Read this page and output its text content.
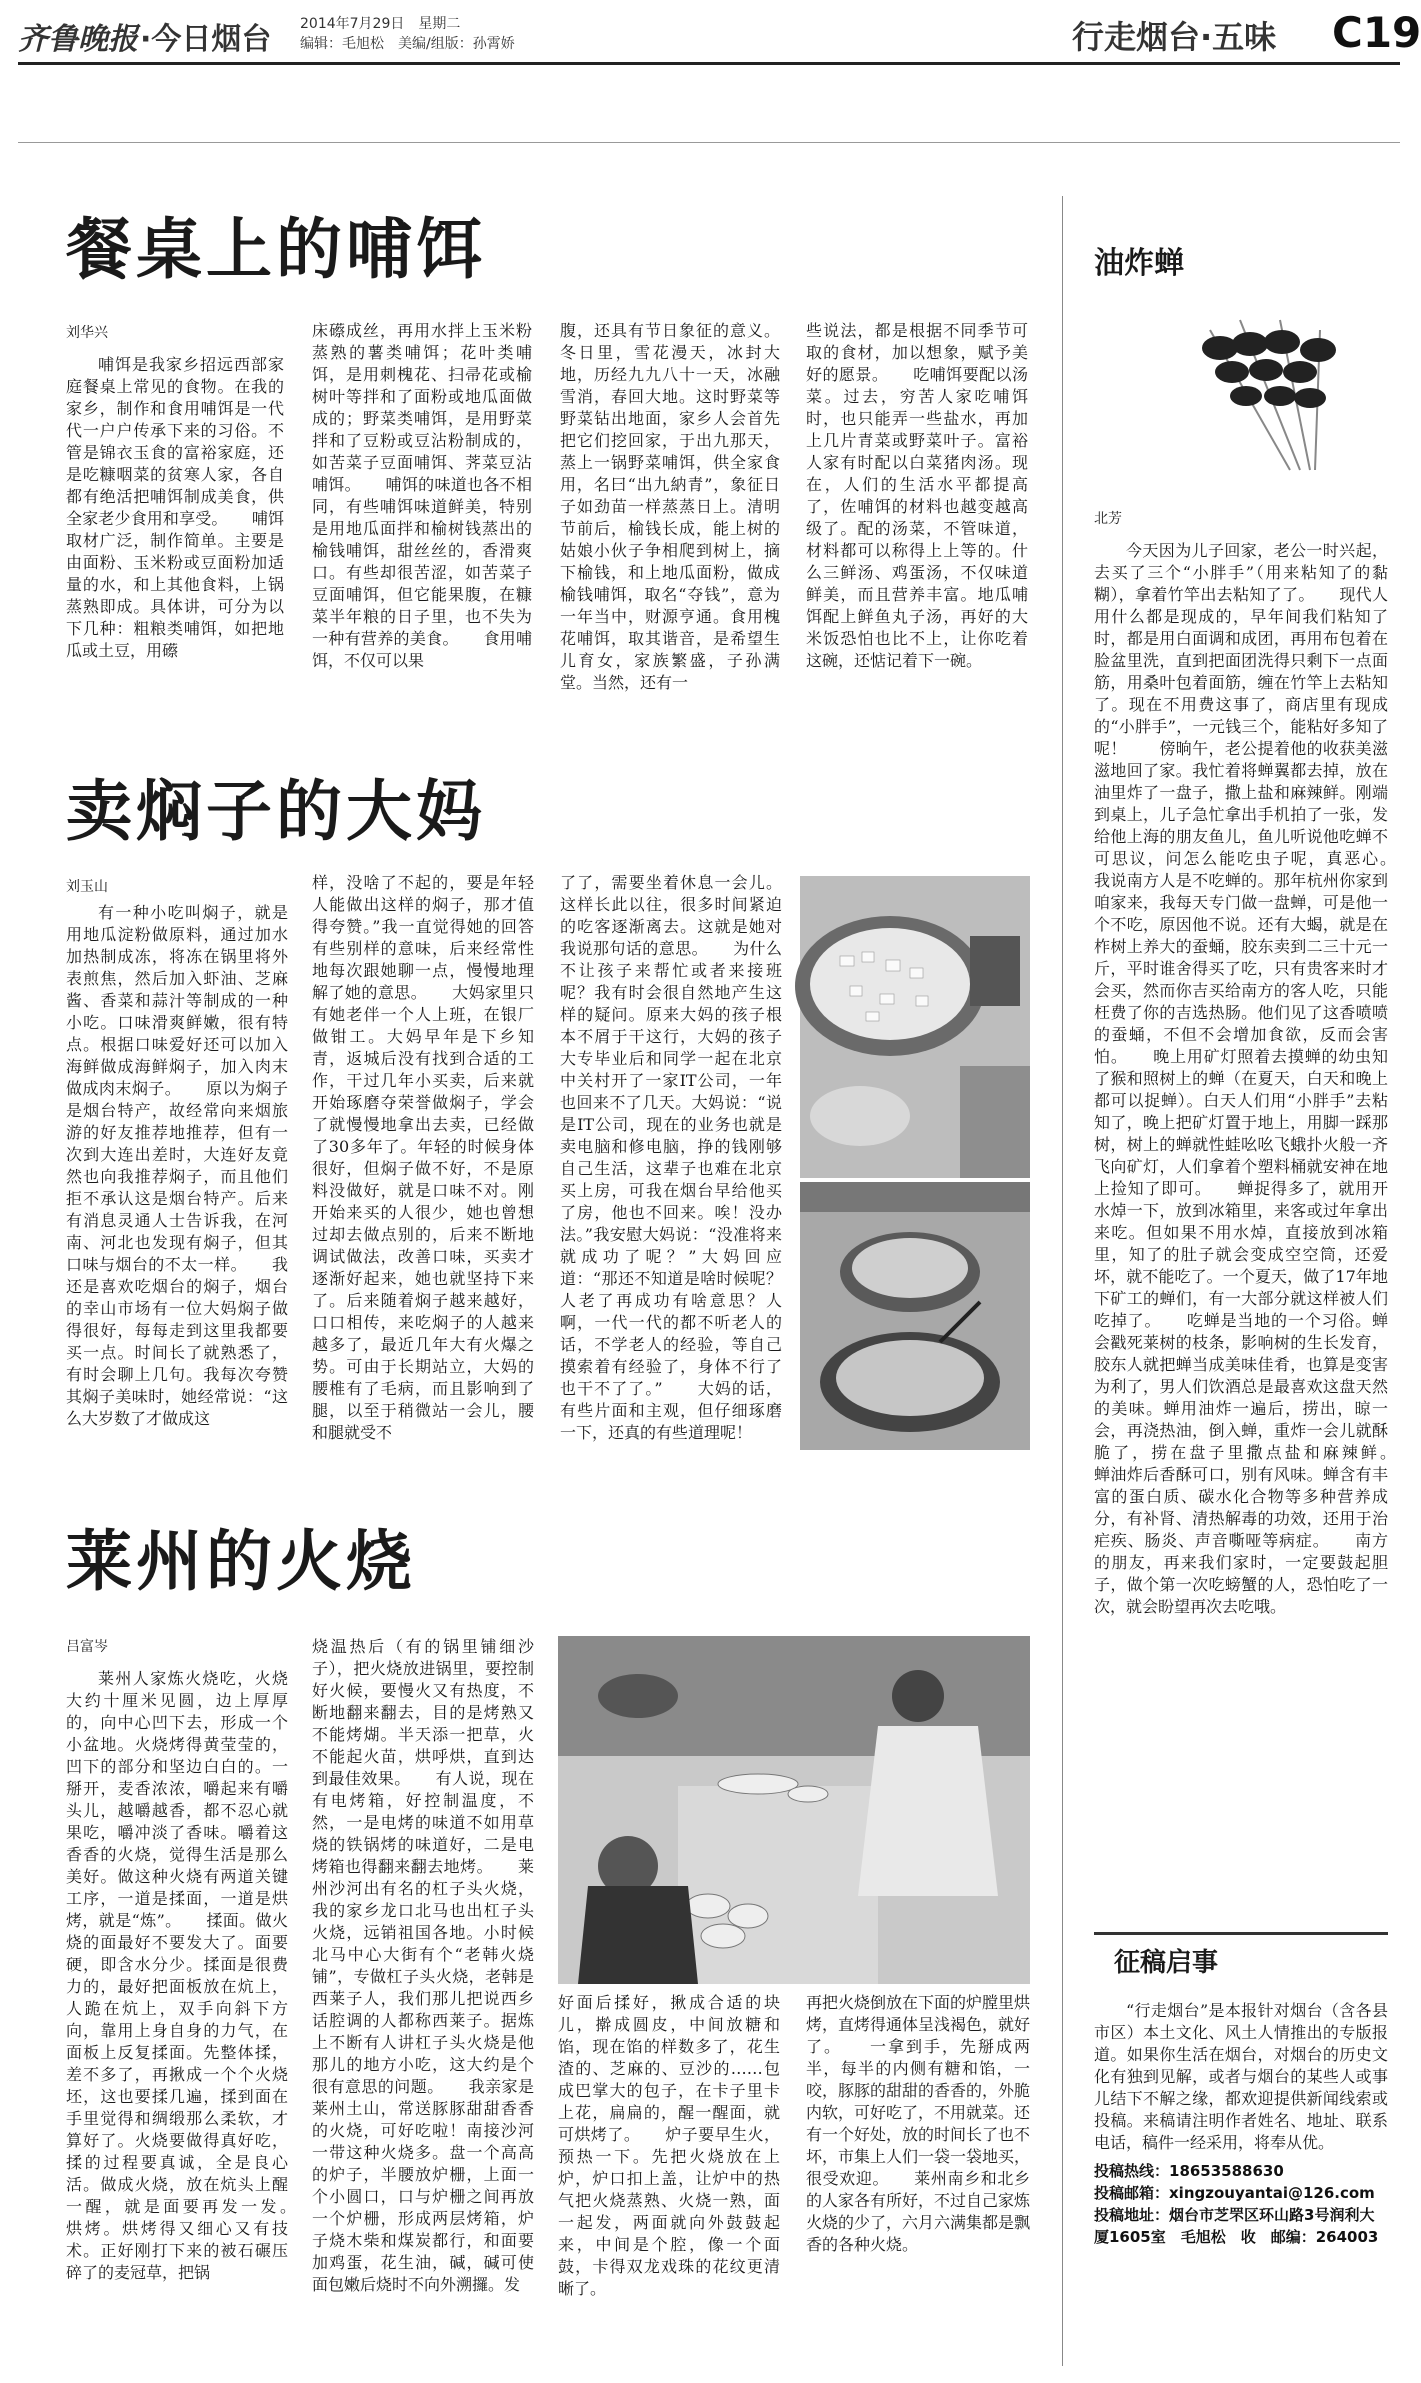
齐鲁晚报 ·今日烟台 2014年7月29日　星期二
编辑：毛旭松　美编/组版：孙霄娇	行走烟台·五味 C19
餐桌上的哺饵
刘华兴
哺饵是我家乡招远西部家庭餐桌上常见的食物。在我的家乡，制作和食用哺饵是一代代一户户传承下来的习俗。不管是锦衣玉食的富裕家庭，还是吃糠咽菜的贫寒人家，各自都有绝活把哺饵制成美食，供全家老少食用和享受。　　哺饵取材广泛，制作简单。主要是由面粉、玉米粉或豆面粉加适量的水，和上其他食料，上锅蒸熟即成。具体讲，可分为以下几种：粗粮类哺饵，如把地瓜或土豆，用礤
床礤成丝，再用水拌上玉米粉蒸熟的薯类哺饵；花叶类哺饵，是用刺槐花、扫帚花或榆树叶等拌和了面粉或地瓜面做成的；野菜类哺饵，是用野菜拌和了豆粉或豆沾粉制成的，如苦菜子豆面哺饵、荠菜豆沾哺饵。　　哺饵的味道也各不相同，有些哺饵味道鲜美，特别是用地瓜面拌和榆树钱蒸出的榆钱哺饵，甜丝丝的，香滑爽口。有些却很苦涩，如苦菜子豆面哺饵，但它能果腹，在糠菜半年粮的日子里，也不失为一种有营养的美食。　　食用哺饵，不仅可以果
腹，还具有节日象征的意义。冬日里，雪花漫天，冰封大地，历经九九八十一天，冰融雪消，春回大地。这时野菜等野菜钻出地面，家乡人会首先把它们挖回家，于出九那天，蒸上一锅野菜哺饵，供全家食用，名曰“出九納青”，象征日子如劲苗一样蒸蒸日上。清明节前后，榆钱长成，能上树的姑娘小伙子争相爬到树上，摘下榆钱，和上地瓜面粉，做成榆钱哺饵，取名“夺钱”，意为一年当中，财源亨通。食用槐花哺饵，取其谐音，是希望生儿育女，家族繁盛，子孙满堂。当然，还有一
些说法，都是根据不同季节可取的食材，加以想象，赋予美好的愿景。　　吃哺饵要配以汤菜。过去，穷苦人家吃哺饵时，也只能弄一些盐水，再加上几片青菜或野菜叶子。富裕人家有时配以白菜猪肉汤。现在，人们的生活水平都提高了，佐哺饵的材料也越变越高级了。配的汤菜，不管味道，材料都可以称得上上等的。什么三鲜汤、鸡蛋汤，不仅味道鲜美，而且营养丰富。地瓜哺饵配上鲜鱼丸子汤，再好的大米饭恐怕也比不上，让你吃着这碗，还惦记着下一碗。
卖焖子的大妈
刘玉山
有一种小吃叫焖子，就是用地瓜淀粉做原料，通过加水加热制成冻，将冻在锅里将外表煎焦，然后加入虾油、芝麻酱、香菜和蒜汁等制成的一种小吃。口味滑爽鲜嫩，很有特点。根据口味爱好还可以加入海鲜做成海鲜焖子，加入肉末做成肉末焖子。　　原以为焖子是烟台特产，故经常向来烟旅游的好友推荐地推荐，但有一次到大连出差时，大连好友竟然也向我推荐焖子，而且他们拒不承认这是烟台特产。后来有消息灵通人士告诉我，在河南、河北也发现有焖子，但其口味与烟台的不太一样。　　我还是喜欢吃烟台的焖子，烟台的幸山市场有一位大妈焖子做得很好，每每走到这里我都要买一点。时间长了就熟悉了，有时会聊上几句。我每次夸赞其焖子美味时，她经常说：“这么大岁数了才做成这
样，没啥了不起的，要是年轻人能做出这样的焖子，那才值得夸赞。”我一直觉得她的回答有些别样的意味，后来经常性地每次跟她聊一点，慢慢地理解了她的意思。　　大妈家里只有她老伴一个人上班，在银厂做钳工。大妈早年是下乡知青，返城后没有找到合适的工作，干过几年小买卖，后来就开始琢磨夺荣誉做焖子，学会了就慢慢地拿出去卖，已经做了30多年了。年轻的时候身体很好，但焖子做不好，不是原料没做好，就是口味不对。刚开始来买的人很少，她也曾想过却去做点别的，后来不断地调试做法，改善口味，买卖才逐渐好起来，她也就坚持下来了。后来随着焖子越来越好，口口相传，来吃焖子的人越来越多了，最近几年大有火爆之势。可由于长期站立，大妈的腰椎有了毛病，而且影响到了腿，以至于稍微站一会儿，腰和腿就受不
了了，需要坐着休息一会儿。这样长此以往，很多时间紧迫的吃客逐渐离去。这就是她对我说那句话的意思。　　为什么不让孩子来帮忙或者来接班呢？我有时会很自然地产生这样的疑问。原来大妈的孩子根本不屑于干这行，大妈的孩子大专毕业后和同学一起在北京中关村开了一家IT公司，一年也回来不了几天。大妈说：“说是IT公司，现在的业务也就是卖电脑和修电脑，挣的钱刚够自己生活，这辈子也难在北京买上房，可我在烟台早给他买了房，他也不回来。唉！没办法。”我安慰大妈说：“没准将来就成功了呢？”大妈回应道：“那还不知道是啥时候呢？人老了再成功有啥意思？人啊，一代一代的都不听老人的话，不学老人的经验，等自己摸索着有经验了，身体不行了也干不了了。”　　大妈的话，有些片面和主观，但仔细琢磨一下，还真的有些道理呢！
莱州的火烧
吕富岑
莱州人家炼火烧吃，火烧大约十厘米见圆，边上厚厚的，向中心凹下去，形成一个小盆地。火烧烤得黄莹莹的，凹下的部分和坚边白白的。一掰开，麦香浓浓，嚼起来有嚼头儿，越嚼越香，都不忍心就果吃，嚼冲淡了香味。嚼着这香香的火烧，觉得生活是那么美好。做这种火烧有两道关键工序，一道是揉面，一道是烘烤，就是“炼”。　　揉面。做火烧的面最好不要发大了。面要硬，即含水分少。揉面是很费力的，最好把面板放在炕上，人跪在炕上，双手向斜下方向，靠用上身自身的力气，在面板上反复揉面。先整体揉，差不多了，再揪成一个个火烧坯，这也要揉几遍，揉到面在手里觉得和绸缎那么柔软，才算好了。火烧要做得真好吃，揉的过程要真诚，全是良心活。做成火烧，放在炕头上醒一醒，就是面要再发一发。　　烘烤。烘烤得又细心又有技术。正好刚打下来的被石碾压碎了的麦冠草，把锅
烧温热后（有的锅里铺细沙子），把火烧放进锅里，要控制好火候，要慢火又有热度，不断地翻来翻去，目的是烤熟又不能烤煳。半天添一把草，火不能起火苗，烘呼烘，直到达到最佳效果。　　有人说，现在有电烤箱，好控制温度，不然，一是电烤的味道不如用草烧的铁锅烤的味道好，二是电烤箱也得翻来翻去地烤。　　莱州沙河出有名的杠子头火烧，我的家乡龙口北马也出杠子头火烧，远销祖国各地。小时候北马中心大街有个“老韩火烧铺”，专做杠子头火烧，老韩是西莱子人，我们那儿把说西乡话腔调的人都称西莱子。据炼上不断有人讲杠子头火烧是他那儿的地方小吃，这大约是个很有意思的问题。　　我亲家是莱州土山，常送豚豚甜甜香香的火烧，可好吃啦！南接沙河一带这种火烧多。盘一个高高的炉子，半腰放炉栅，上面一个小圆口，口与炉栅之间再放一个炉栅，形成两层烤箱，炉子烧木柴和煤炭都行，和面要加鸡蛋，花生油，碱，碱可使面包嫩后烧时不向外溯攞。发
好面后揉好，揪成合适的块儿，擀成圆皮，中间放糖和馅，现在馅的样数多了，花生渣的、芝麻的、豆沙的……包成巴掌大的包子，在卡子里卡上花，扁扁的，醒一醒面，就可烘烤了。　　炉子要早生火，预热一下。先把火烧放在上炉，炉口扣上盖，让炉中的热气把火烧蒸熟、火烧一熟，面一起发，两面就向外鼓鼓起来，中间是个腔，像一个面鼓，卡得双龙戏珠的花纹更清晰了。
再把火烧倒放在下面的炉膛里烘烤，直烤得通体呈浅褐色，就好了。　　一拿到手，先掰成两半，每半的内侧有糖和馅，一咬，豚豚的甜甜的香香的，外脆内软，可好吃了，不用就菜。还有一个好处，放的时间长了也不坏，市集上人们一袋一袋地买，很受欢迎。　　莱州南乡和北乡的人家各有所好，不过自己家炼火烧的少了，六月六满集都是飘香的各种火烧。
油炸蝉
北芳
今天因为儿子回家，老公一时兴起，去买了三个“小胖手”（用来粘知了的黏糊），拿着竹竿出去粘知了了。　　现代人用什么都是现成的，早年间我们粘知了时，都是用白面调和成团，再用布包着在脸盆里洗，直到把面团洗得只剩下一点面筋，用桑叶包着面筋，缠在竹竿上去粘知了。现在不用费这事了，商店里有现成的“小胖手”，一元钱三个，能粘好多知了呢！　　傍晌午，老公提着他的收获美滋滋地回了家。我忙着将蝉翼都去掉，放在油里炸了一盘子，撒上盐和麻辣鲜。刚端到桌上，儿子急忙拿出手机拍了一张，发给他上海的朋友鱼儿，鱼儿听说他吃蝉不可思议，问怎么能吃虫子呢，真恶心。　　我说南方人是不吃蝉的。那年杭州你家到咱家来，我每天专门做一盘蝉，可是他一个不吃，原因他不说。还有大蝎，就是在柞树上养大的蚕蛹，胶东卖到二三十元一斤，平时谁舍得买了吃，只有贵客来时才会买，然而你吉买给南方的客人吃，只能枉费了你的吉选热肠。他们见了这香喷喷的蚕蛹，不但不会增加食欲，反而会害怕。　　晚上用矿灯照着去摸蝉的幼虫知了猴和照树上的蝉（在夏天，白天和晚上都可以捉蝉）。白天人们用“小胖手”去粘知了，晚上把矿灯置于地上，用脚一踩那树，树上的蝉就性蛙吆吆飞蛾扑火般一齐飞向矿灯，人们拿着个塑料桶就安神在地上捡知了即可。　　蝉捉得多了，就用开水焯一下，放到冰箱里，来客或过年拿出来吃。但如果不用水焯，直接放到冰箱里，知了的肚子就会变成空空筒，还爱坏，就不能吃了。一个夏天，做了17年地下矿工的蝉们，有一大部分就这样被人们吃掉了。　　吃蝉是当地的一个习俗。蝉会戳死莱树的枝条，影响树的生长发育，胶东人就把蝉当成美味佳肴，也算是变害为利了，男人们饮酒总是最喜欢这盘天然的美味。蝉用油炸一遍后，捞出，晾一会，再浇热油，倒入蝉，重炸一会儿就酥脆了，捞在盘子里撒点盐和麻辣鲜。　　蝉油炸后香酥可口，别有风味。蝉含有丰富的蛋白质、碳水化合物等多种营养成分，有补肾、清热解毒的功效，还用于治疟疾、肠炎、声音嘶哑等病症。　　南方的朋友，再来我们家时，一定要鼓起胆子，做个第一次吃螃蟹的人，恐怕吃了一次，就会盼望再次去吃哦。
征稿启事
“行走烟台”是本报针对烟台（含各县市区）本土文化、风土人情推出的专版报道。如果你生活在烟台，对烟台的历史文化有独到见解，或者与烟台的某些人或事儿结下不解之缘，都欢迎提供新闻线索或投稿。来稿请注明作者姓名、地址、联系电话，稿件一经采用，将奉从优。
投稿热线：18653588630
投稿邮箱：xingzouyantai@126.com
投稿地址：烟台市芝罘区环山路3号润利大厦1605室　毛旭松　收　邮编：264003
